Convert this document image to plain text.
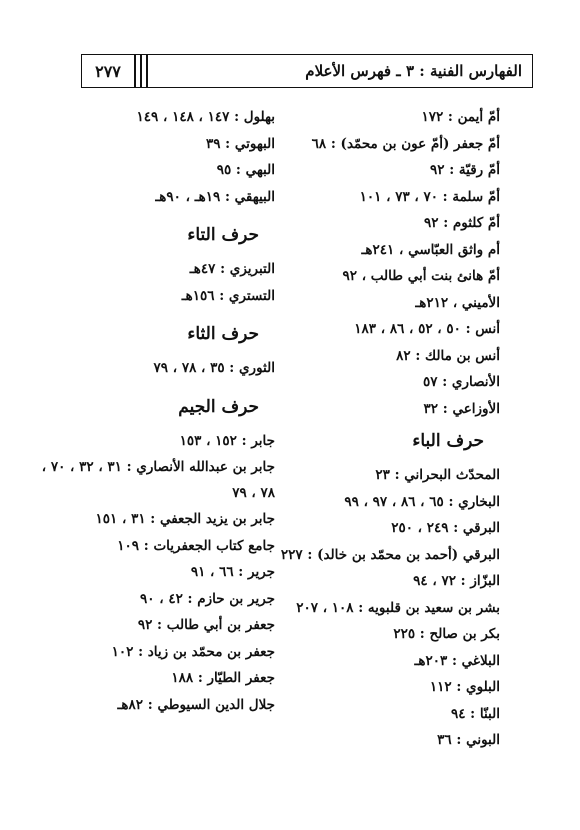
٢٧٧	الفهارس الفنية : ٣ ـ فهرس الأعلام
أمّ أيمن : ١٧٢
أمّ جعفر (أمّ عون بن محمّد) : ٦٨
أمّ رقيّة : ٩٢
أمّ سلمة : ٧٠ ، ٧٣ ، ١٠١
أمّ كلثوم : ٩٢
أم واثق العبّاسي ، ٢٤١هـ
أمّ هانئ بنت أبي طالب ، ٩٢
الأميني ، ٢١٢هـ
أنس : ٥٠ ، ٥٢ ، ٨٦ ، ١٨٣
أنس بن مالك : ٨٢
الأنصاري : ٥٧
الأوزاعي : ٣٢
حرف الباء
المحدّث البحراني : ٢٣
البخاري : ٦٥ ، ٨٦ ، ٩٧ ، ٩٩
البرقي : ٢٤٩ ، ٢٥٠
البرقي (أحمد بن محمّد بن خالد) : ٢٢٧
البزّاز : ٧٢ ، ٩٤
بشر بن سعيد بن قلبويه : ١٠٨ ، ٢٠٧
بكر بن صالح : ٢٢٥
البلاغي : ٢٠٣هـ
البلوي : ١١٢
البنّا : ٩٤
البوني : ٣٦
بهلول : ١٤٧ ، ١٤٨ ، ١٤٩
البهوتي : ٣٩
البهي : ٩٥
البيهقي : ١٩هـ ، ٩٠هـ
حرف التاء
التبريزي : ٤٧هـ
التستري : ١٥٦هـ
حرف الثاء
الثوري : ٣٥ ، ٧٨ ، ٧٩
حرف الجيم
جابر : ١٥٢ ، ١٥٣
جابر بن عبدالله الأنصاري : ٣١ ، ٣٢ ، ٧٠ ، ٧٨ ، ٧٩
جابر بن يزيد الجعفي : ٣١ ، ١٥١
جامع كتاب الجعفريات : ١٠٩
جرير : ٦٦ ، ٩١
جرير بن حازم : ٤٢ ، ٩٠
جعفر بن أبي طالب : ٩٢
جعفر بن محمّد بن زياد : ١٠٢
جعفر الطيّار : ١٨٨
جلال الدين السيوطي : ٨٢هـ
